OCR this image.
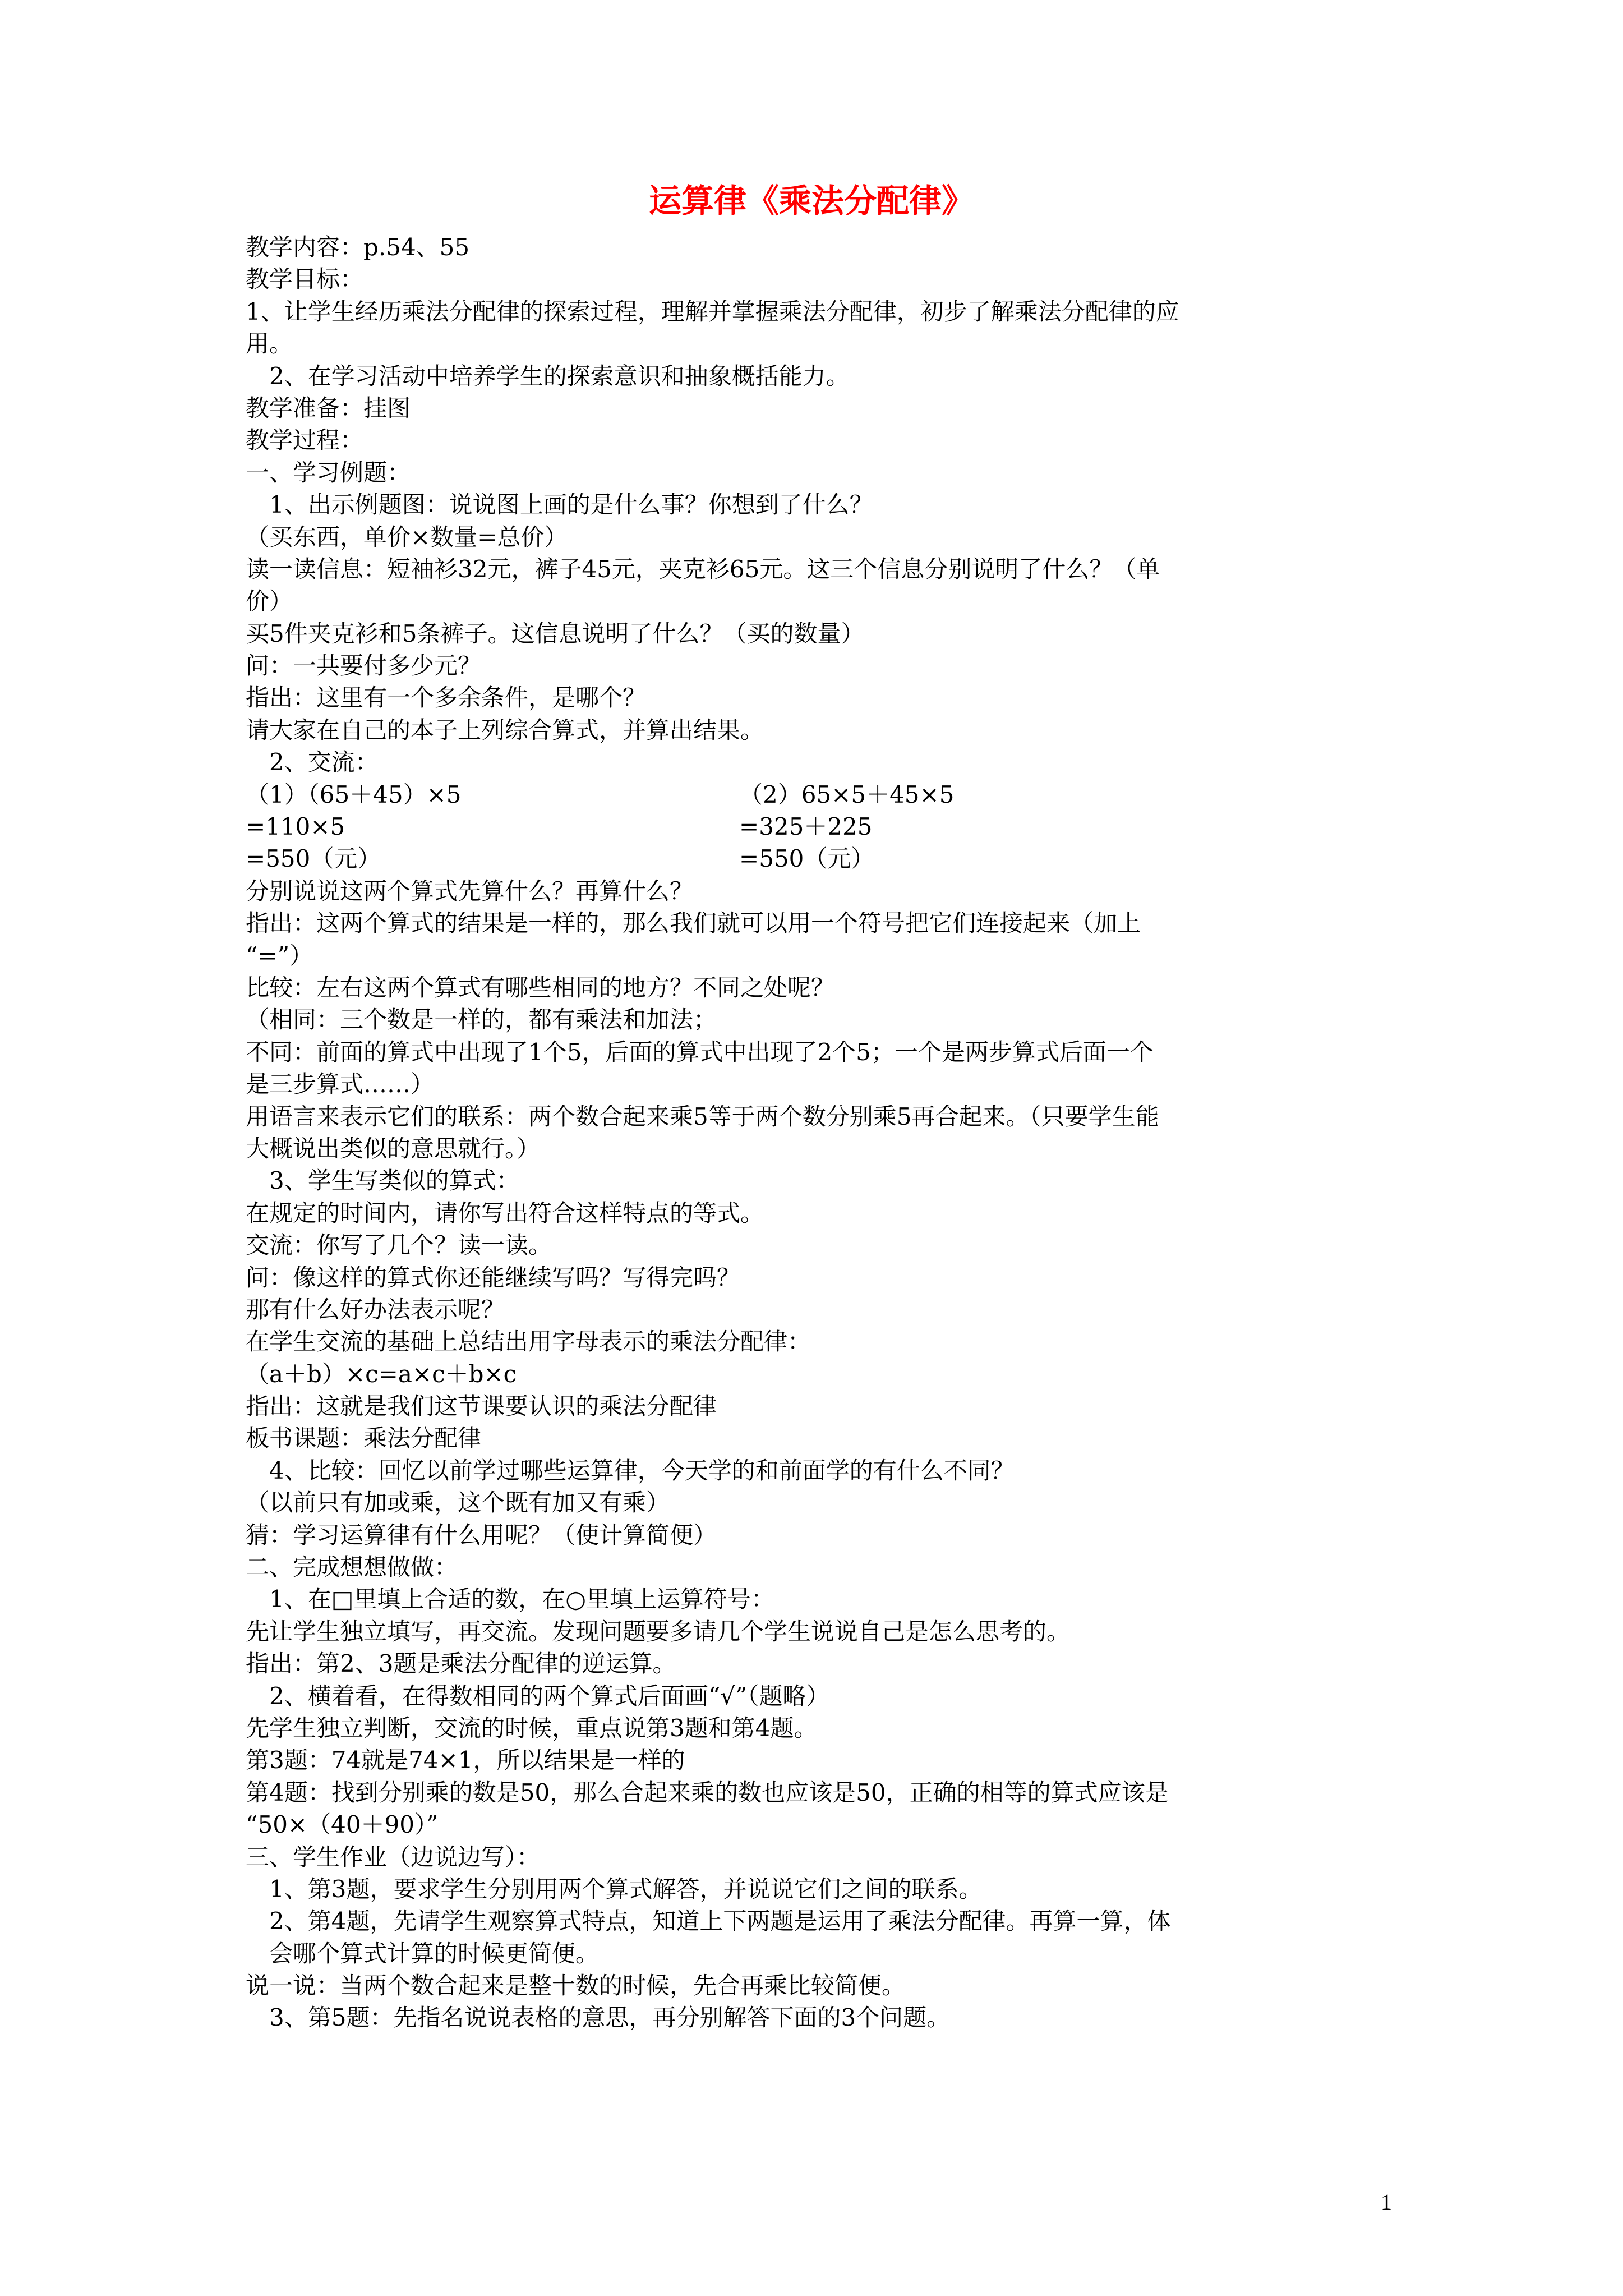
运算律《乘法分配律》
教学内容：p.54、55
教学目标：
1、让学生经历乘法分配律的探索过程，理解并掌握乘法分配律，初步了解乘法分配律的应
用。
2、在学习活动中培养学生的探索意识和抽象概括能力。
教学准备：挂图
教学过程：
一、学习例题：
1、出示例题图：说说图上画的是什么事？你想到了什么？
（买东西，单价×数量=总价）
读一读信息：短袖衫32元，裤子45元，夹克衫65元。这三个信息分别说明了什么？（单
价）
买5件夹克衫和5条裤子。这信息说明了什么？（买的数量）
问：一共要付多少元？
指出：这里有一个多余条件，是哪个？
请大家在自己的本子上列综合算式，并算出结果。
2、交流：
（1）（65＋45）×5	（2）65×5＋45×5
=110×5	=325＋225
=550（元）	=550（元）
分别说说这两个算式先算什么？再算什么？
指出：这两个算式的结果是一样的，那么我们就可以用一个符号把它们连接起来（加上
“=”）
比较：左右这两个算式有哪些相同的地方？不同之处呢？
（相同：三个数是一样的，都有乘法和加法；
不同：前面的算式中出现了1个5，后面的算式中出现了2个5；一个是两步算式后面一个
是三步算式……）
用语言来表示它们的联系：两个数合起来乘5等于两个数分别乘5再合起来。（只要学生能
大概说出类似的意思就行。）
3、学生写类似的算式：
在规定的时间内，请你写出符合这样特点的等式。
交流：你写了几个？读一读。
问：像这样的算式你还能继续写吗？写得完吗？
那有什么好办法表示呢？
在学生交流的基础上总结出用字母表示的乘法分配律：
（a＋b）×c=a×c＋b×c
指出：这就是我们这节课要认识的乘法分配律
板书课题：乘法分配律
4、比较：回忆以前学过哪些运算律，今天学的和前面学的有什么不同？
（以前只有加或乘，这个既有加又有乘）
猜：学习运算律有什么用呢？（使计算简便）
二、完成想想做做：
1、在□里填上合适的数，在○里填上运算符号：
先让学生独立填写，再交流。发现问题要多请几个学生说说自己是怎么思考的。
指出：第2、3题是乘法分配律的逆运算。
2、横着看，在得数相同的两个算式后面画“√”（题略）
先学生独立判断，交流的时候，重点说第3题和第4题。
第3题：74就是74×1，所以结果是一样的
第4题：找到分别乘的数是50，那么合起来乘的数也应该是50，正确的相等的算式应该是
“50×（40＋90）”
三、学生作业（边说边写）：
1、第3题，要求学生分别用两个算式解答，并说说它们之间的联系。
2、第4题，先请学生观察算式特点，知道上下两题是运用了乘法分配律。再算一算，体
会哪个算式计算的时候更简便。
说一说：当两个数合起来是整十数的时候，先合再乘比较简便。
3、第5题：先指名说说表格的意思，再分别解答下面的3个问题。
1
